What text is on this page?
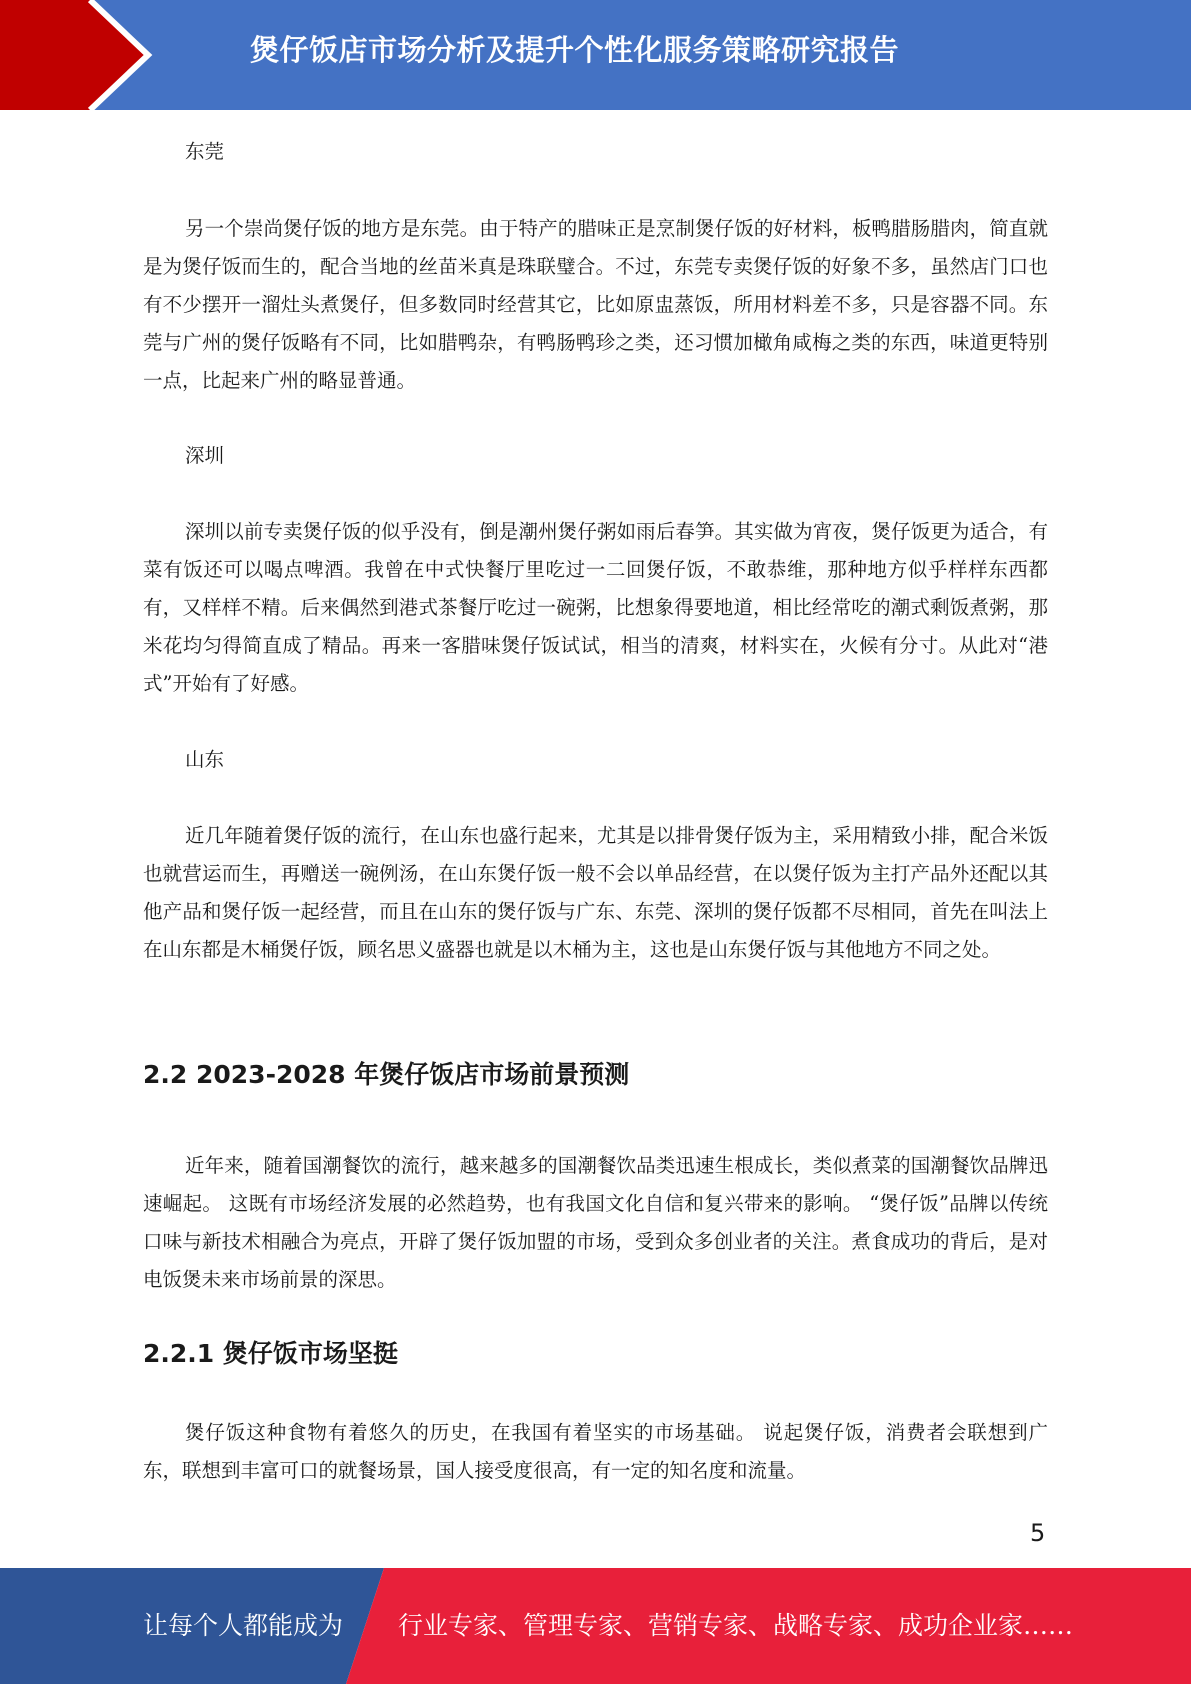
煲仔饭店市场分析及提升个性化服务策略研究报告
东莞
另一个崇尚煲仔饭的地方是东莞。由于特产的腊味正是烹制煲仔饭的好材料，板鸭腊肠腊肉，简直就是为煲仔饭而生的，配合当地的丝苗米真是珠联璧合。不过，东莞专卖煲仔饭的好象不多，虽然店门口也有不少摆开一溜灶头煮煲仔，但多数同时经营其它，比如原盅蒸饭，所用材料差不多，只是容器不同。东莞与广州的煲仔饭略有不同，比如腊鸭杂，有鸭肠鸭珍之类，还习惯加橄角咸梅之类的东西，味道更特别一点，比起来广州的略显普通。
深圳
深圳以前专卖煲仔饭的似乎没有，倒是潮州煲仔粥如雨后春笋。其实做为宵夜，煲仔饭更为适合，有菜有饭还可以喝点啤酒。我曾在中式快餐厅里吃过一二回煲仔饭，不敢恭维，那种地方似乎样样东西都有，又样样不精。后来偶然到港式茶餐厅吃过一碗粥，比想象得要地道，相比经常吃的潮式剩饭煮粥，那米花均匀得简直成了精品。再来一客腊味煲仔饭试试，相当的清爽，材料实在，火候有分寸。从此对“港式”开始有了好感。
山东
近几年随着煲仔饭的流行，在山东也盛行起来，尤其是以排骨煲仔饭为主，采用精致小排，配合米饭也就营运而生，再赠送一碗例汤，在山东煲仔饭一般不会以单品经营，在以煲仔饭为主打产品外还配以其他产品和煲仔饭一起经营，而且在山东的煲仔饭与广东、东莞、深圳的煲仔饭都不尽相同，首先在叫法上在山东都是木桶煲仔饭，顾名思义盛器也就是以木桶为主，这也是山东煲仔饭与其他地方不同之处。
2.2 2023-2028 年煲仔饭店市场前景预测
近年来，随着国潮餐饮的流行，越来越多的国潮餐饮品类迅速生根成长，类似煮菜的国潮餐饮品牌迅速崛起。 这既有市场经济发展的必然趋势，也有我国文化自信和复兴带来的影响。 “煲仔饭”品牌以传统口味与新技术相融合为亮点，开辟了煲仔饭加盟的市场，受到众多创业者的关注。煮食成功的背后，是对电饭煲未来市场前景的深思。
2.2.1 煲仔饭市场坚挺
煲仔饭这种食物有着悠久的历史，在我国有着坚实的市场基础。 说起煲仔饭，消费者会联想到广东，联想到丰富可口的就餐场景，国人接受度很高，有一定的知名度和流量。
5
让每个人都能成为 行业专家、管理专家、营销专家、战略专家、成功企业家……
